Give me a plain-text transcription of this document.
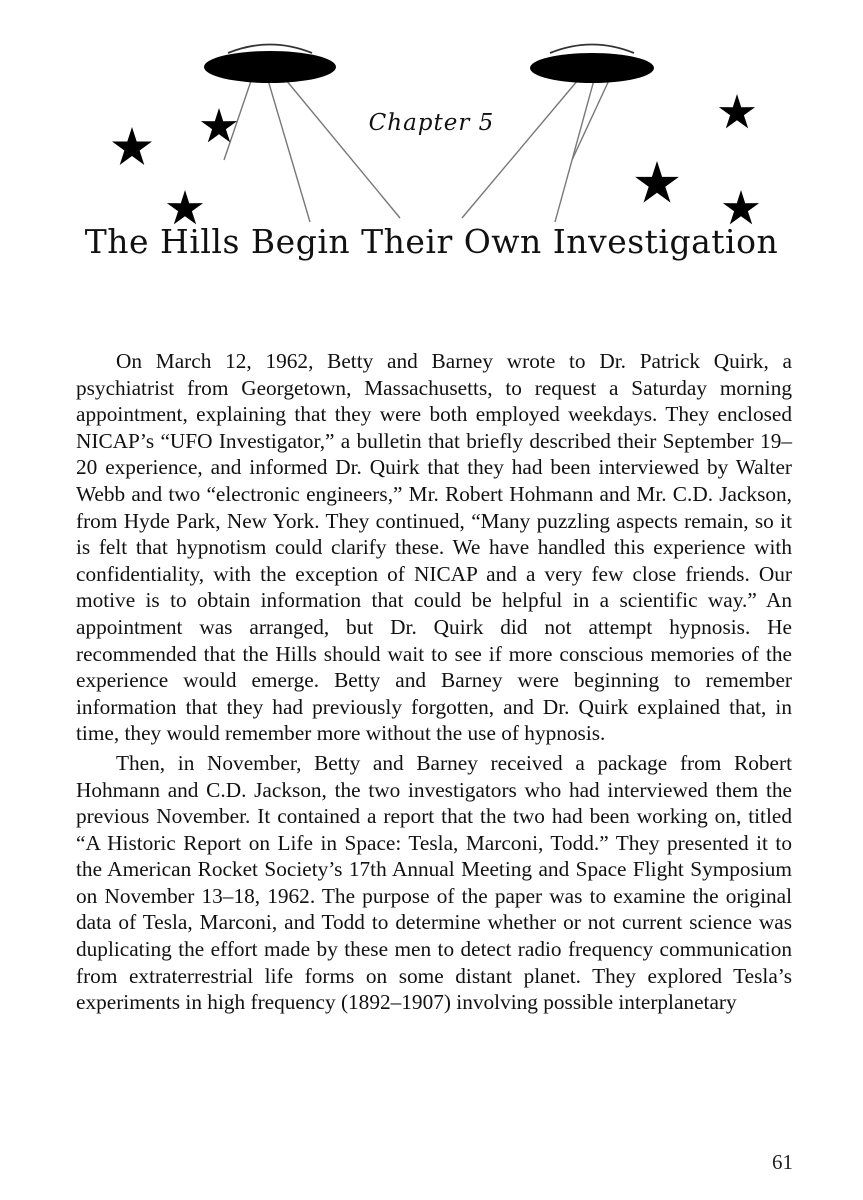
Chapter 5
The Hills Begin Their Own Investigation

On March 12, 1962, Betty and Barney wrote to Dr. Patrick Quirk, a psychiatrist from Georgetown, Massachusetts, to request a Saturday morning appointment, explaining that they were both employed weekdays. They enclosed NICAP’s “UFO Investigator,” a bulletin that briefly described their September 19–20 experience, and informed Dr. Quirk that they had been interviewed by Walter Webb and two “electronic engineers,” Mr. Robert Hohmann and Mr. C.D. Jackson, from Hyde Park, New York. They continued, “Many puzzling aspects remain, so it is felt that hypnotism could clarify these. We have handled this experience with confidentiality, with the exception of NICAP and a very few close friends. Our motive is to obtain information that could be helpful in a scientific way.” An appointment was arranged, but Dr. Quirk did not attempt hypnosis. He recommended that the Hills should wait to see if more conscious memories of the experience would emerge. Betty and Barney were beginning to remember information that they had previously forgotten, and Dr. Quirk explained that, in time, they would remember more without the use of hypnosis.

Then, in November, Betty and Barney received a package from Robert Hohmann and C.D. Jackson, the two investigators who had interviewed them the previous November. It contained a report that the two had been working on, titled “A Historic Report on Life in Space: Tesla, Marconi, Todd.” They presented it to the American Rocket Society’s 17th Annual Meeting and Space Flight Symposium on November 13–18, 1962. The purpose of the paper was to examine the original data of Tesla, Marconi, and Todd to determine whether or not current science was duplicating the effort made by these men to detect radio frequency communication from extraterrestrial life forms on some distant planet. They explored Tesla’s experiments in high frequency (1892–1907) involving possible interplanetary

61
